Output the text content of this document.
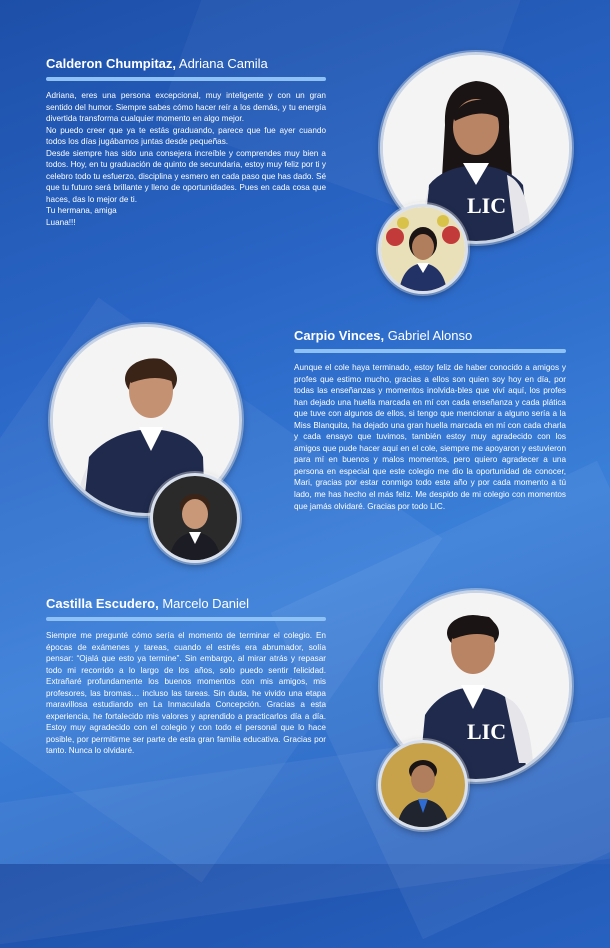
Calderon Chumpitaz, Adriana Camila

Adriana, eres una persona excepcional, muy inteligente y con un gran sentido del humor. Siempre sabes cómo hacer reír a los demás, y tu energía divertida transforma cualquier momento en algo mejor.

No puedo creer que ya te estás graduando, parece que fue ayer cuando todos los días jugábamos juntas desde pequeñas.

Desde siempre has sido una consejera increíble y comprendes muy bien a todos. Hoy, en tu graduación de quinto de secundaria, estoy muy feliz por ti y celebro todo tu esfuerzo, disciplina y esmero en cada paso que has dado. Sé que tu futuro será brillante y lleno de oportunidades. Pues en cada cosa que haces, das lo mejor de ti.

Tu hermana, amiga

Luana!!!

LIC
Carpio Vinces, Gabriel Alonso

Aunque el cole haya terminado, estoy feliz de haber conocido a amigos y profes que estimo mucho, gracias a ellos son quien soy hoy en día, por todas las enseñanzas y momentos inolvida-bles que viví aquí, los profes han dejado una huella marcada en mí con cada enseñanza y cada plática que tuve con algunos de ellos, si tengo que mencionar a alguno sería a la Miss Blanquita, ha dejado una gran huella marcada en mí con cada charla y cada ensayo que tuvimos, también estoy muy agradecido con los amigos que pude hacer aquí en el cole, siempre me apoyaron y estuvieron para mí en buenos y malos momentos, pero quiero agradecer a una persona en especial que este colegio me dio la oportunidad de conocer, Mari, gracias por estar conmigo todo este año y por cada momento a tú lado, me has hecho el más feliz. Me despido de mi colegio con momentos que jamás olvidaré. Gracias por todo LIC.

Castilla Escudero, Marcelo Daniel

Siempre me pregunté cómo sería el momento de terminar el colegio. En épocas de exámenes y tareas, cuando el estrés era abrumador, solía pensar: “Ojalá que esto ya termine”. Sin embargo, al mirar atrás y repasar todo mi recorrido a lo largo de los años, solo puedo sentir felicidad. Extrañaré profundamente los buenos momentos con mis amigos, mis profesores, las bromas… incluso las tareas. Sin duda, he vivido una etapa maravillosa estudiando en La Inmaculada Concepción. Gracias a esta experiencia, he fortalecido mis valores y aprendido a practicarlos día a día. Estoy muy agradecido con el colegio y con todo el personal que lo hace posible, por permitirme ser parte de esta gran familia educativa. Gracias por tanto. Nunca lo olvidaré.

LIC
